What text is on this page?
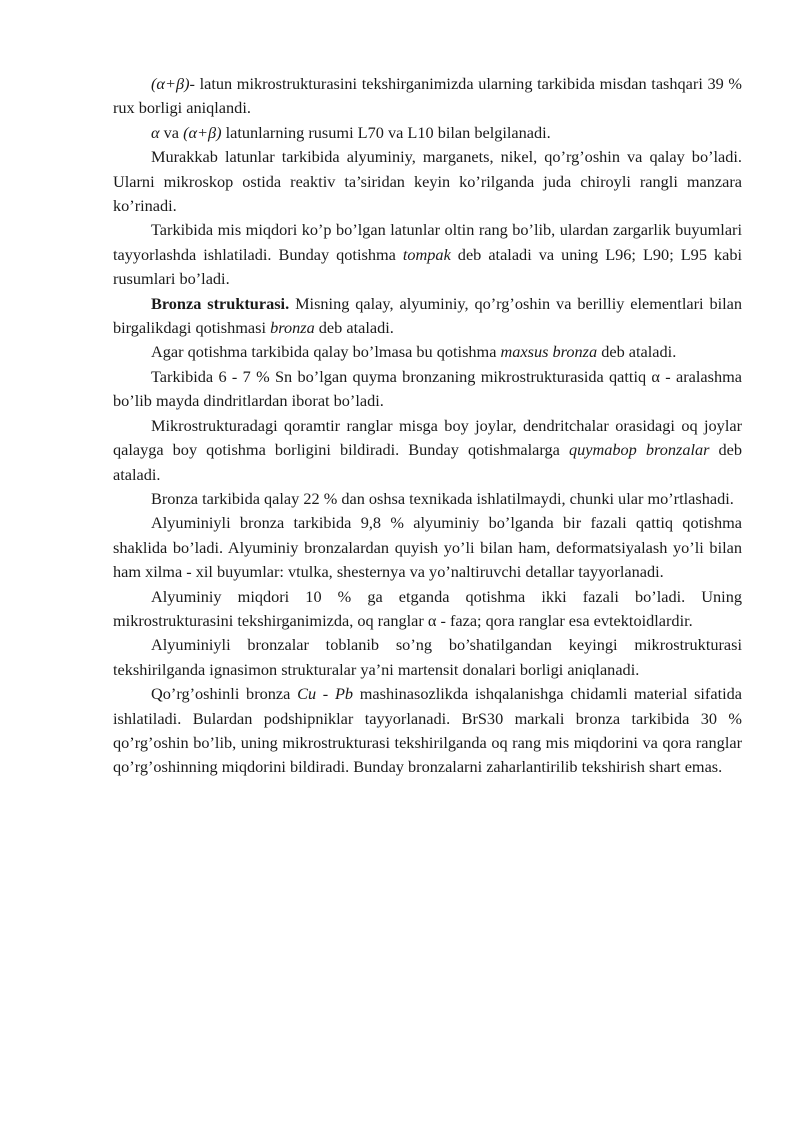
(α+β)- latun mikrostrukturasini tekshirganimizda ularning tarkibida misdan tashqari 39 % rux borligi aniqlandi.

α va (α+β) latunlarning rusumi L70 va L10 bilan belgilanadi.

Murakkab latunlar tarkibida alyuminiy, marganets, nikel, qo’rg’oshin va qalay bo’ladi. Ularni mikroskop ostida reaktiv ta’siridan keyin ko’rilganda juda chiroyli rangli manzara ko’rinadi.

Tarkibida mis miqdori ko’p bo’lgan latunlar oltin rang bo’lib, ulardan zargarlik buyumlari tayyorlashda ishlatiladi. Bunday qotishma tompak deb ataladi va uning L96; L90; L95 kabi rusumlari bo’ladi.

Bronza strukturasi. Misning qalay, alyuminiy, qo’rg’oshin va berilliy elementlari bilan birgalikdagi qotishmasi bronza deb ataladi.

Agar qotishma tarkibida qalay bo’lmasa bu qotishma maxsus bronza deb ataladi.

Tarkibida 6 - 7 % Sn bo’lgan quyma bronzaning mikrostrukturasida qattiq α - aralashma bo’lib mayda dindritlardan iborat bo’ladi.

Mikrostrukturadagi qoramtir ranglar misga boy joylar, dendritchalar orasidagi oq joylar qalayga boy qotishma borligini bildiradi. Bunday qotishmalarga quymabop bronzalar deb ataladi.

Bronza tarkibida qalay 22 % dan oshsa texnikada ishlatilmaydi, chunki ular mo’rtlashadi.

Alyuminiyli bronza tarkibida 9,8 % alyuminiy bo’lganda bir fazali qattiq qotishma shaklida bo’ladi. Alyuminiy bronzalardan quyish yo’li bilan ham, deformatsiyalash yo’li bilan ham xilma - xil buyumlar: vtulka, shesternya va yo’naltiruvchi detallar tayyorlanadi.

Alyuminiy miqdori 10 % ga etganda qotishma ikki fazali bo’ladi. Uning mikrostrukturasini tekshirganimizda, oq ranglar α - faza; qora ranglar esa evtektoidlardir.

Alyuminiyli bronzalar toblanib so’ng bo’shatilgandan keyingi mikrostrukturasi tekshirilganda ignasimon strukturalar ya’ni martensit donalari borligi aniqlanadi.

Qo’rg’oshinli bronza Cu - Pb mashinasozlikda ishqalanishga chidamli material sifatida ishlatiladi. Bulardan podshipniklar tayyorlanadi. BrS30 markali bronza tarkibida 30 % qo’rg’oshin bo’lib, uning mikrostrukturasi tekshirilganda oq rang mis miqdorini va qora ranglar qo’rg’oshinning miqdorini bildiradi. Bunday bronzalarni zaharlantirilib tekshirish shart emas.
